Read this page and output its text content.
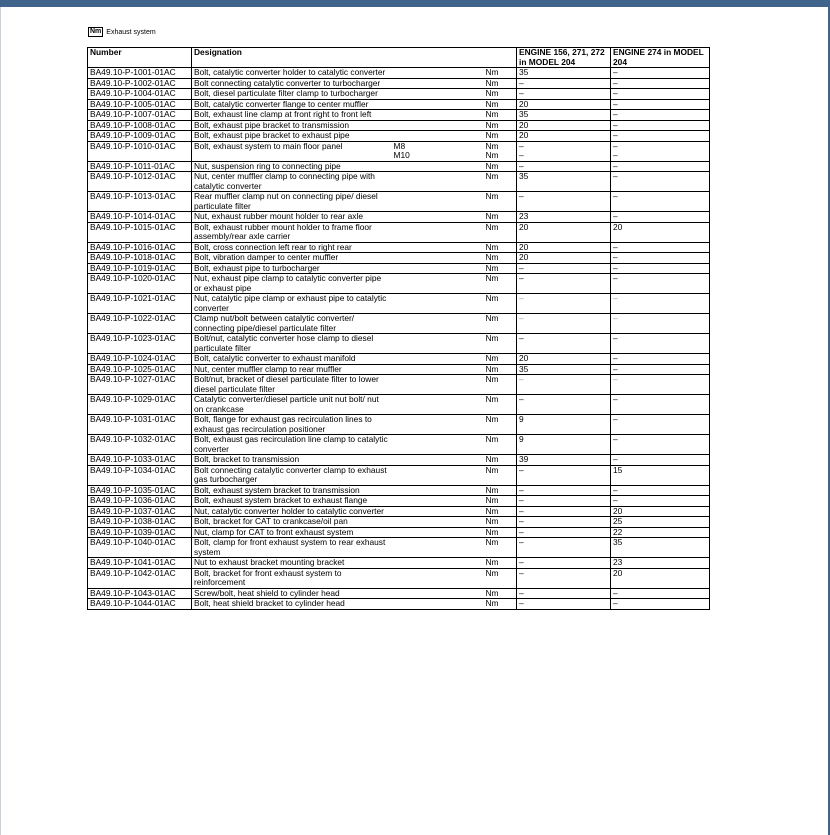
Nm Exhaust system
Number	Designation			ENGINE 156, 271, 272 in MODEL 204	ENGINE 274 in MODEL 204
BA49.10-P-1001-01AC	Bolt, catalytic converter holder to catalytic converter		Nm	35	–
BA49.10-P-1002-01AC	Bolt connecting catalytic converter to turbocharger		Nm	–	–
BA49.10-P-1004-01AC	Bolt, diesel particulate filter clamp to turbocharger		Nm	–	–
BA49.10-P-1005-01AC	Bolt, catalytic converter flange to center muffler		Nm	20	–
BA49.10-P-1007-01AC	Bolt, exhaust line clamp at front right to front left		Nm	35	–
BA49.10-P-1008-01AC	Bolt, exhaust pipe bracket to transmission		Nm	20	–
BA49.10-P-1009-01AC	Bolt, exhaust pipe bracket to exhaust pipe		Nm	20	–
BA49.10-P-1010-01AC	Bolt, exhaust system to main floor panel	M8	Nm	–	–
		M10	Nm	–	–
BA49.10-P-1011-01AC	Nut, suspension ring to connecting pipe		Nm	–	–
BA49.10-P-1012-01AC	Nut, center muffler clamp to connecting pipe with catalytic converter		Nm	35	–
BA49.10-P-1013-01AC	Rear muffler clamp nut on connecting pipe/ diesel particulate filter		Nm	–	–
BA49.10-P-1014-01AC	Nut, exhaust rubber mount holder to rear axle		Nm	23	–
BA49.10-P-1015-01AC	Bolt, exhaust rubber mount holder to frame floor assembly/rear axle carrier		Nm	20	20
BA49.10-P-1016-01AC	Bolt, cross connection left rear to right rear		Nm	20	–
BA49.10-P-1018-01AC	Bolt, vibration damper to center muffler		Nm	20	–
BA49.10-P-1019-01AC	Bolt, exhaust pipe to turbocharger		Nm	–	–
BA49.10-P-1020-01AC	Nut, exhaust pipe clamp to catalytic converter pipe or exhaust pipe		Nm	–	–
BA49.10-P-1021-01AC	Nut, catalytic pipe clamp or exhaust pipe to catalytic converter		Nm	–	–
BA49.10-P-1022-01AC	Clamp nut/bolt between catalytic converter/ connecting pipe/diesel particulate filter		Nm	–	–
BA49.10-P-1023-01AC	Bolt/nut, catalytic converter hose clamp to diesel particulate filter		Nm	–	–
BA49.10-P-1024-01AC	Bolt, catalytic converter to exhaust manifold		Nm	20	–
BA49.10-P-1025-01AC	Nut, center muffler clamp to rear muffler		Nm	35	–
BA49.10-P-1027-01AC	Bolt/nut, bracket of diesel particulate filter to lower diesel particulate filter		Nm	–	–
BA49.10-P-1029-01AC	Catalytic converter/diesel particle unit nut bolt/ nut on crankcase		Nm	–	–
BA49.10-P-1031-01AC	Bolt, flange for exhaust gas recirculation lines to exhaust gas recirculation positioner		Nm	9	–
BA49.10-P-1032-01AC	Bolt, exhaust gas recirculation line clamp to catalytic converter		Nm	9	–
BA49.10-P-1033-01AC	Bolt, bracket to transmission		Nm	39	–
BA49.10-P-1034-01AC	Bolt connecting catalytic converter clamp to exhaust gas turbocharger		Nm	–	15
BA49.10-P-1035-01AC	Bolt, exhaust system bracket to transmission		Nm	–	–
BA49.10-P-1036-01AC	Bolt, exhaust system bracket to exhaust flange		Nm	–	–
BA49.10-P-1037-01AC	Nut, catalytic converter holder to catalytic converter		Nm	–	20
BA49.10-P-1038-01AC	Bolt, bracket for CAT to crankcase/oil pan		Nm	–	25
BA49.10-P-1039-01AC	Nut, clamp for CAT to front exhaust system		Nm	–	22
BA49.10-P-1040-01AC	Bolt, clamp for front exhaust system to rear exhaust system		Nm	–	35
BA49.10-P-1041-01AC	Nut to exhaust bracket mounting bracket		Nm	–	23
BA49.10-P-1042-01AC	Bolt, bracket for front exhaust system to reinforcement		Nm	–	20
BA49.10-P-1043-01AC	Screw/bolt, heat shield to cylinder head		Nm	–	–
BA49.10-P-1044-01AC	Bolt, heat shield bracket to cylinder head		Nm	–	–
